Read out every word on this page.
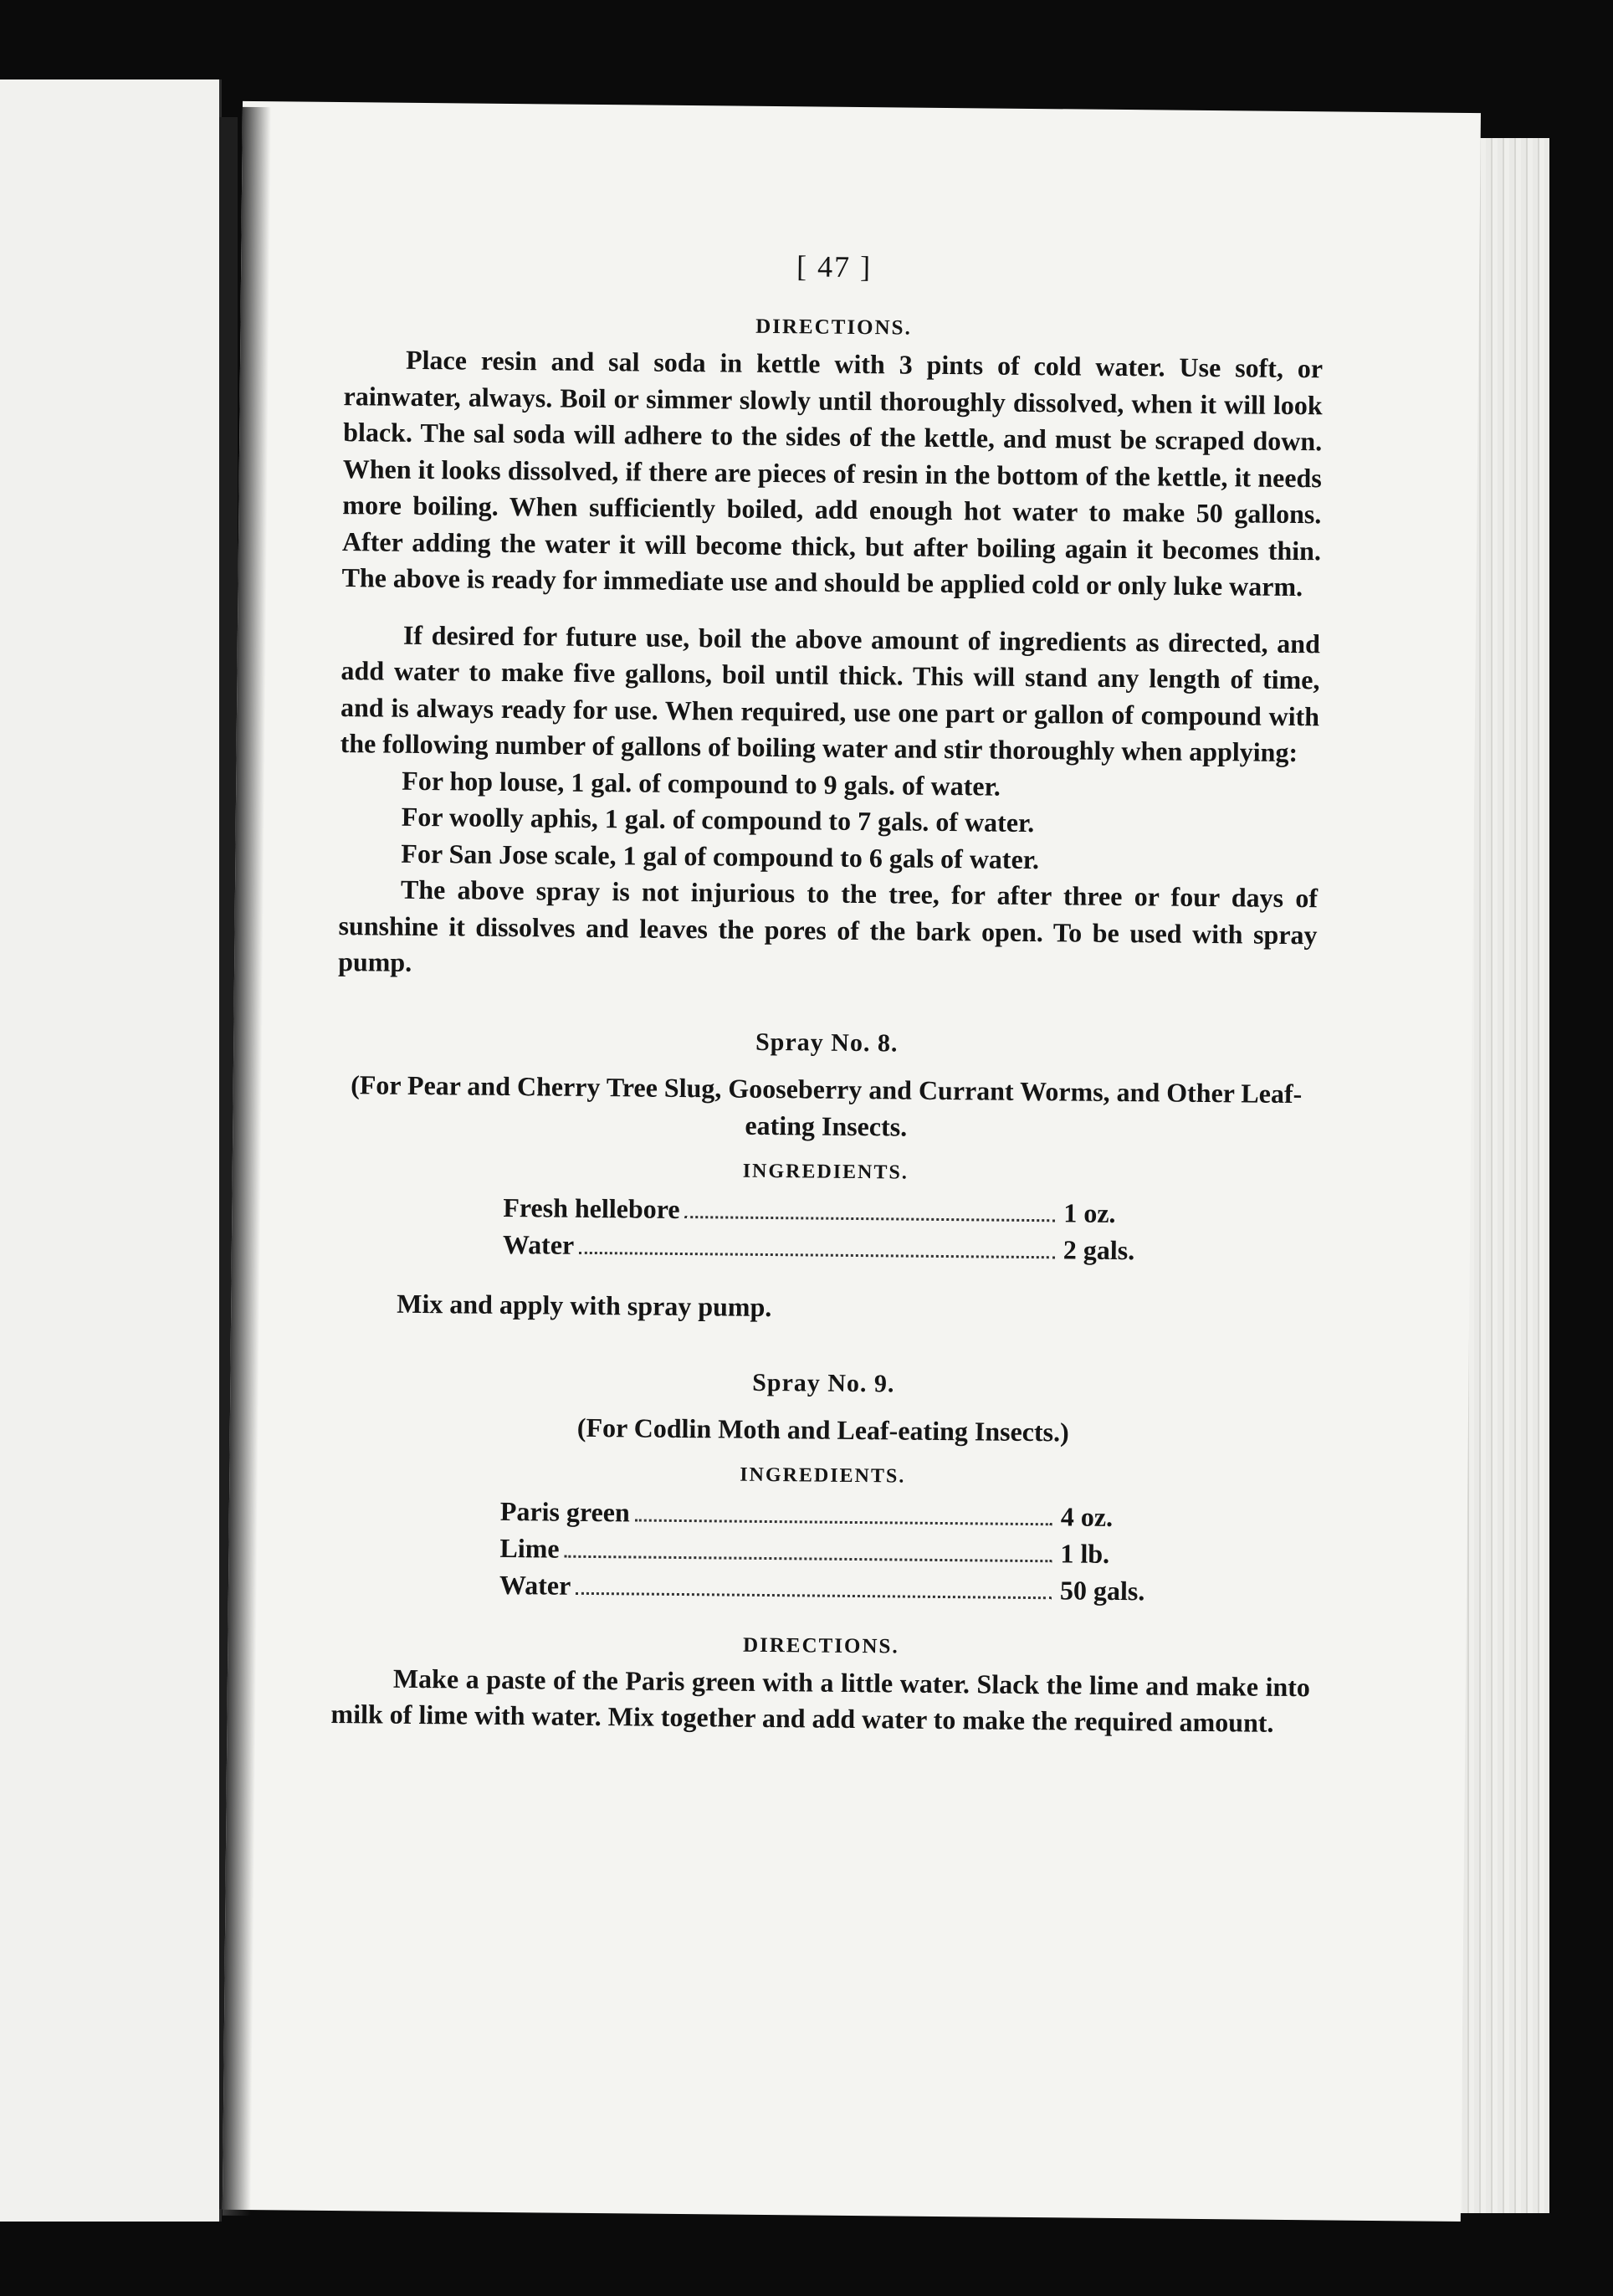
[ 47 ]
DIRECTIONS.

Place resin and sal soda in kettle with 3 pints of cold water. Use soft, or rainwater, always. Boil or simmer slowly until thoroughly dissolved, when it will look black. The sal soda will adhere to the sides of the kettle, and must be scraped down. When it looks dissolved, if there are pieces of resin in the bottom of the kettle, it needs more boiling. When sufficiently boiled, add enough hot water to make 50 gallons. After adding the water it will become thick, but after boiling again it becomes thin. The above is ready for immediate use and should be applied cold or only luke warm.

If desired for future use, boil the above amount of ingredients as directed, and add water to make five gallons, boil until thick. This will stand any length of time, and is always ready for use. When required, use one part or gallon of compound with the following number of gallons of boiling water and stir thoroughly when applying:

For hop louse, 1 gal. of compound to 9 gals. of water.
For woolly aphis, 1 gal. of compound to 7 gals. of water.
For San Jose scale, 1 gal of compound to 6 gals of water.

The above spray is not injurious to the tree, for after three or four days of sunshine it dissolves and leaves the pores of the bark open. To be used with spray pump.

Spray No. 8.
(For Pear and Cherry Tree Slug, Gooseberry and Currant Worms, and Other Leaf-eating Insects.
INGREDIENTS.
Fresh hellebore	1 oz.
Water	2 gals.

Mix and apply with spray pump.

Spray No. 9.
(For Codlin Moth and Leaf-eating Insects.)
INGREDIENTS.
Paris green	4 oz.
Lime	1 lb.
Water	50 gals.
DIRECTIONS.

Make a paste of the Paris green with a little water. Slack the lime and make into milk of lime with water. Mix together and add water to make the required amount.
